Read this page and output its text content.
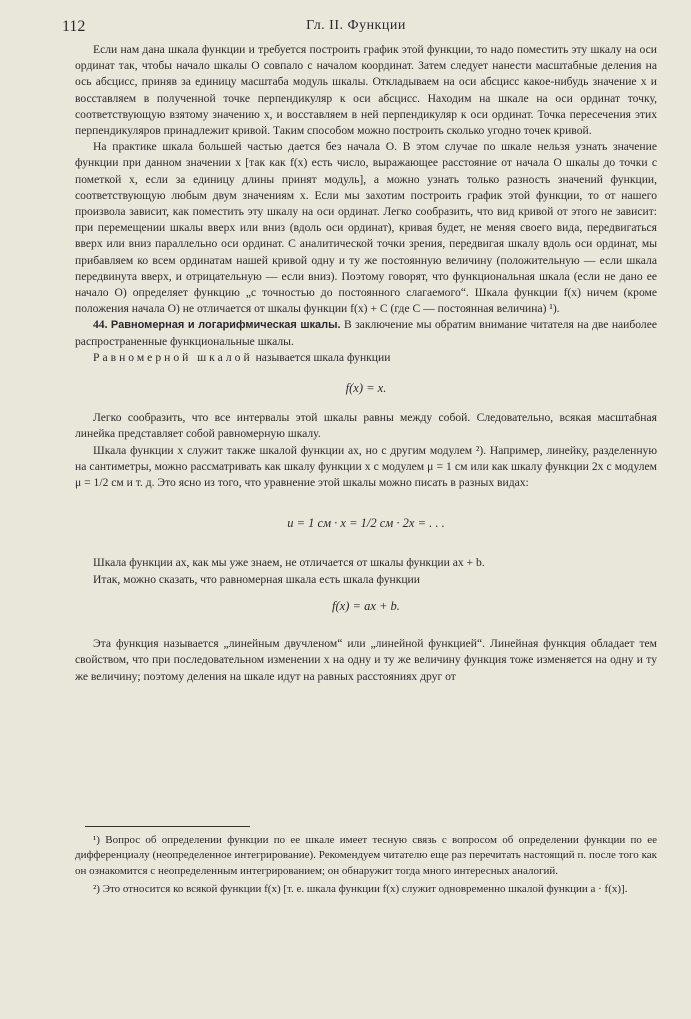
112	Гл. II. Функции

Если нам дана шкала функции и требуется построить график этой функции, то надо поместить эту шкалу на оси ординат так, чтобы начало шкалы O совпало с началом координат. Затем следует нанести масштабные деления на ось абсцисс, приняв за единицу масштаба модуль шкалы. Откладываем на оси абсцисс какое-нибудь значение x и восставляем в полученной точке перпендикуляр к оси абсцисс. Находим на шкале на оси ординат точку, соответствующую взятому значению x, и восставляем в ней перпендикуляр к оси ординат. Точка пересечения этих перпендикуляров принадлежит кривой. Таким способом можно построить сколько угодно точек кривой.

На практике шкала большей частью дается без начала O. В этом случае по шкале нельзя узнать значение функции при данном значении x [так как f(x) есть число, выражающее расстояние от начала O шкалы до точки с пометкой x, если за единицу длины принят модуль], а можно узнать только разность значений функции, соответствующую любым двум значениям x. Если мы захотим построить график этой функции, то от нашего произвола зависит, как поместить эту шкалу на оси ординат. Легко сообразить, что вид кривой от этого не зависит: при перемещении шкалы вверх или вниз (вдоль оси ординат), кривая будет, не меняя своего вида, передвигаться вверх или вниз параллельно оси ординат. С аналитической точки зрения, передвигая шкалу вдоль оси ординат, мы прибавляем ко всем ординатам нашей кривой одну и ту же постоянную величину (положительную — если шкала передвинута вверх, и отрицательную — если вниз). Поэтому говорят, что функциональная шкала (если не дано ее начало O) определяет функцию „с точностью до постоянного слагаемого“. Шкала функции f(x) ничем (кроме положения начала O) не отличается от шкалы функции f(x) + C (где C — постоянная величина) ¹).

44. Равномерная и логарифмическая шкалы. В заключение мы обратим внимание читателя на две наиболее распространенные функциональные шкалы.

Равномерной шкалой называется шкала функции

f(x) = x.

Легко сообразить, что все интервалы этой шкалы равны между собой. Следовательно, всякая масштабная линейка представляет собой равномерную шкалу.

Шкала функции x служит также шкалой функции ax, но с другим модулем ²). Например, линейку, разделенную на сантиметры, можно рассматривать как шкалу функции x с модулем μ = 1 см или как шкалу функции 2x с модулем μ = 1/2 см и т. д. Это ясно из того, что уравнение этой шкалы можно писать в разных видах:

u = 1 см · x = 1/2 см · 2x = . . .

Шкала функции ax, как мы уже знаем, не отличается от шкалы функции ax + b.

Итак, можно сказать, что равномерная шкала есть шкала функции

f(x) = ax + b.

Эта функция называется „линейным двучленом“ или „линейной функцией“. Линейная функция обладает тем свойством, что при последовательном изменении x на одну и ту же величину функция тоже изменяется на одну и ту же величину; поэтому деления на шкале идут на равных расстояниях друг от

¹) Вопрос об определении функции по ее шкале имеет тесную связь с вопросом об определении функции по ее дифференциалу (неопределенное интегрирование). Рекомендуем читателю еще раз перечитать настоящий п. после того как он ознакомится с неопределенным интегрированием; он обнаружит тогда много интересных аналогий.

²) Это относится ко всякой функции f(x) [т. е. шкала функции f(x) служит одновременно шкалой функции a · f(x)].
